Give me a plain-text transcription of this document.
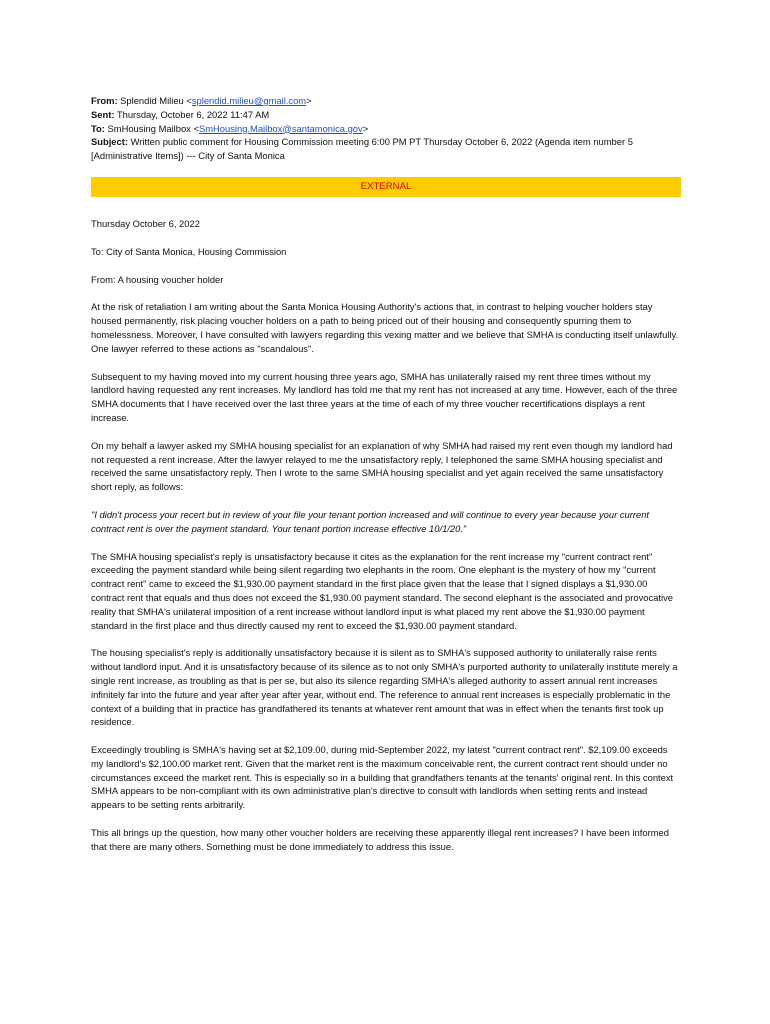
From: Splendid Milieu <splendid.milieu@gmail.com>
Sent: Thursday, October 6, 2022 11:47 AM
To: SmHousing Mailbox <SmHousing.Mailbox@santamonica.gov>
Subject: Written public comment for Housing Commission meeting 6:00 PM PT Thursday October 6, 2022 (Agenda item number 5 [Administrative Items]) --- City of Santa Monica
EXTERNAL
Thursday October 6, 2022
To: City of Santa Monica, Housing Commission
From: A housing voucher holder

At the risk of retaliation I am writing about the Santa Monica Housing Authority's actions that, in contrast to helping voucher holders stay housed permanently, risk placing voucher holders on a path to being priced out of their housing and consequently spurring them to homelessness. Moreover, I have consulted with lawyers regarding this vexing matter and we believe that SMHA is conducting itself unlawfully. One lawyer referred to these actions as "scandalous".

Subsequent to my having moved into my current housing three years ago, SMHA has unilaterally raised my rent three times without my landlord having requested any rent increases. My landlord has told me that my rent has not increased at any time. However, each of the three SMHA documents that I have received over the last three years at the time of each of my three voucher recertifications displays a rent increase.

On my behalf a lawyer asked my SMHA housing specialist for an explanation of why SMHA had raised my rent even though my landlord had not requested a rent increase. After the lawyer relayed to me the unsatisfactory reply, I telephoned the same SMHA housing specialist and received the same unsatisfactory reply. Then I wrote to the same SMHA housing specialist and yet again received the same unsatisfactory short reply, as follows:

"I didn't process your recert but in review of your file your tenant portion increased and will continue to every year because your current contract rent is over the payment standard. Your tenant portion increase effective 10/1/20."

The SMHA housing specialist's reply is unsatisfactory because it cites as the explanation for the rent increase my "current contract rent" exceeding the payment standard while being silent regarding two elephants in the room. One elephant is the mystery of how my "current contract rent" came to exceed the $1,930.00 payment standard in the first place given that the lease that I signed displays a $1,930.00 contract rent that equals and thus does not exceed the $1,930.00 payment standard. The second elephant is the associated and provocative reality that SMHA's unilateral imposition of a rent increase without landlord input is what placed my rent above the $1,930.00 payment standard in the first place and thus directly caused my rent to exceed the $1,930.00 payment standard.

The housing specialist's reply is additionally unsatisfactory because it is silent as to SMHA's supposed authority to unilaterally raise rents without landlord input. And it is unsatisfactory because of its silence as to not only SMHA's purported authority to unilaterally institute merely a single rent increase, as troubling as that is per se, but also its silence regarding SMHA's alleged authority to assert annual rent increases infinitely far into the future and year after year after year, without end. The reference to annual rent increases is especially problematic in the context of a building that in practice has grandfathered its tenants at whatever rent amount that was in effect when the tenants first took up residence.

Exceedingly troubling is SMHA's having set at $2,109.00, during mid-September 2022, my latest "current contract rent". $2,109.00 exceeds my landlord's $2,100.00 market rent. Given that the market rent is the maximum conceivable rent, the current contract rent should under no circumstances exceed the market rent. This is especially so in a building that grandfathers tenants at the tenants' original rent. In this context SMHA appears to be non-compliant with its own administrative plan's directive to consult with landlords when setting rents and instead appears to be setting rents arbitrarily.

This all brings up the question, how many other voucher holders are receiving these apparently illegal rent increases? I have been informed that there are many others. Something must be done immediately to address this issue.
